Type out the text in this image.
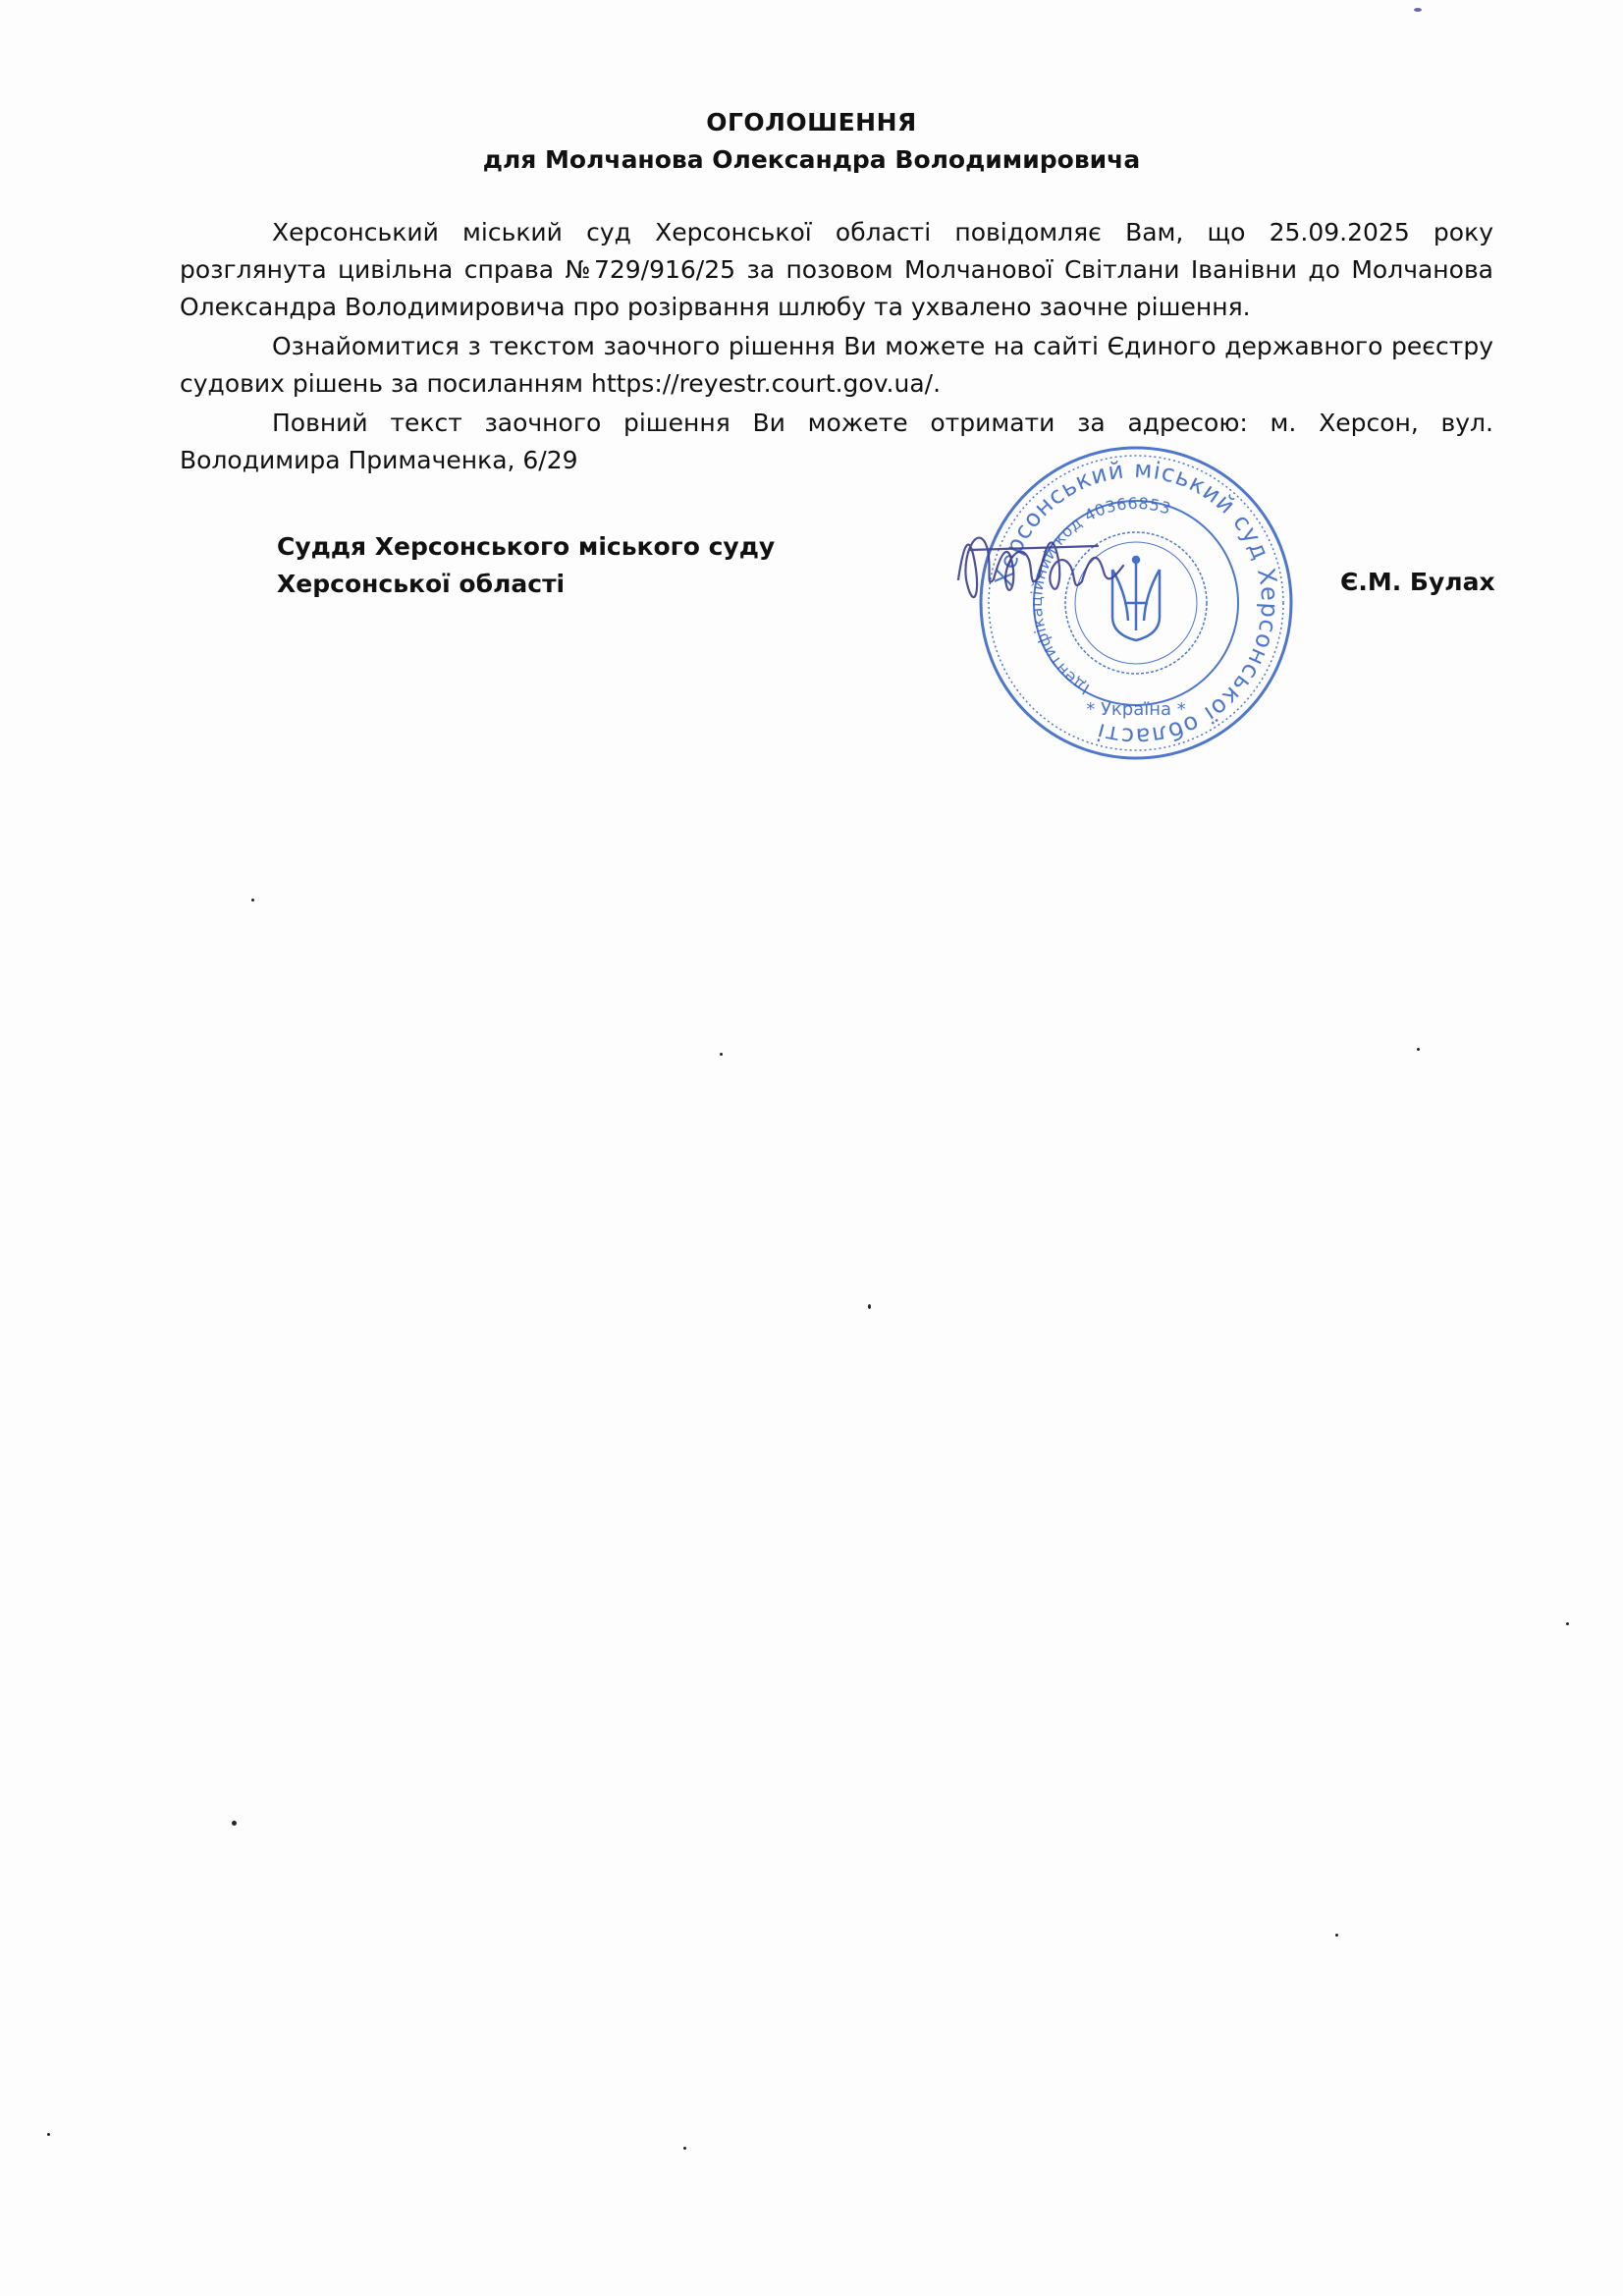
ОГОЛОШЕННЯ
для Молчанова Олександра Володимировича

Херсонський міський суд Херсонської області повідомляє Вам, що 25.09.2025 року розглянута цивільна справа №729/916/25 за позовом Молчанової Світлани Іванівни до Молчанова Олександра Володимировича про розірвання шлюбу та ухвалено заочне рішення.

Ознайомитися з текстом заочного рішення Ви можете на сайті Єдиного державного реєстру судових рішень за посиланням https://reyestr.court.gov.ua/.

Повний текст заочного рішення Ви можете отримати за адресою: м. Херсон, вул. Володимира Примаченка, 6/29

Суддя Херсонського міського суду
Херсонської області	Є.М. Булах
Херсонський міський суд Херсонської області
Ідентифікаційний код 40366853
* Україна *
